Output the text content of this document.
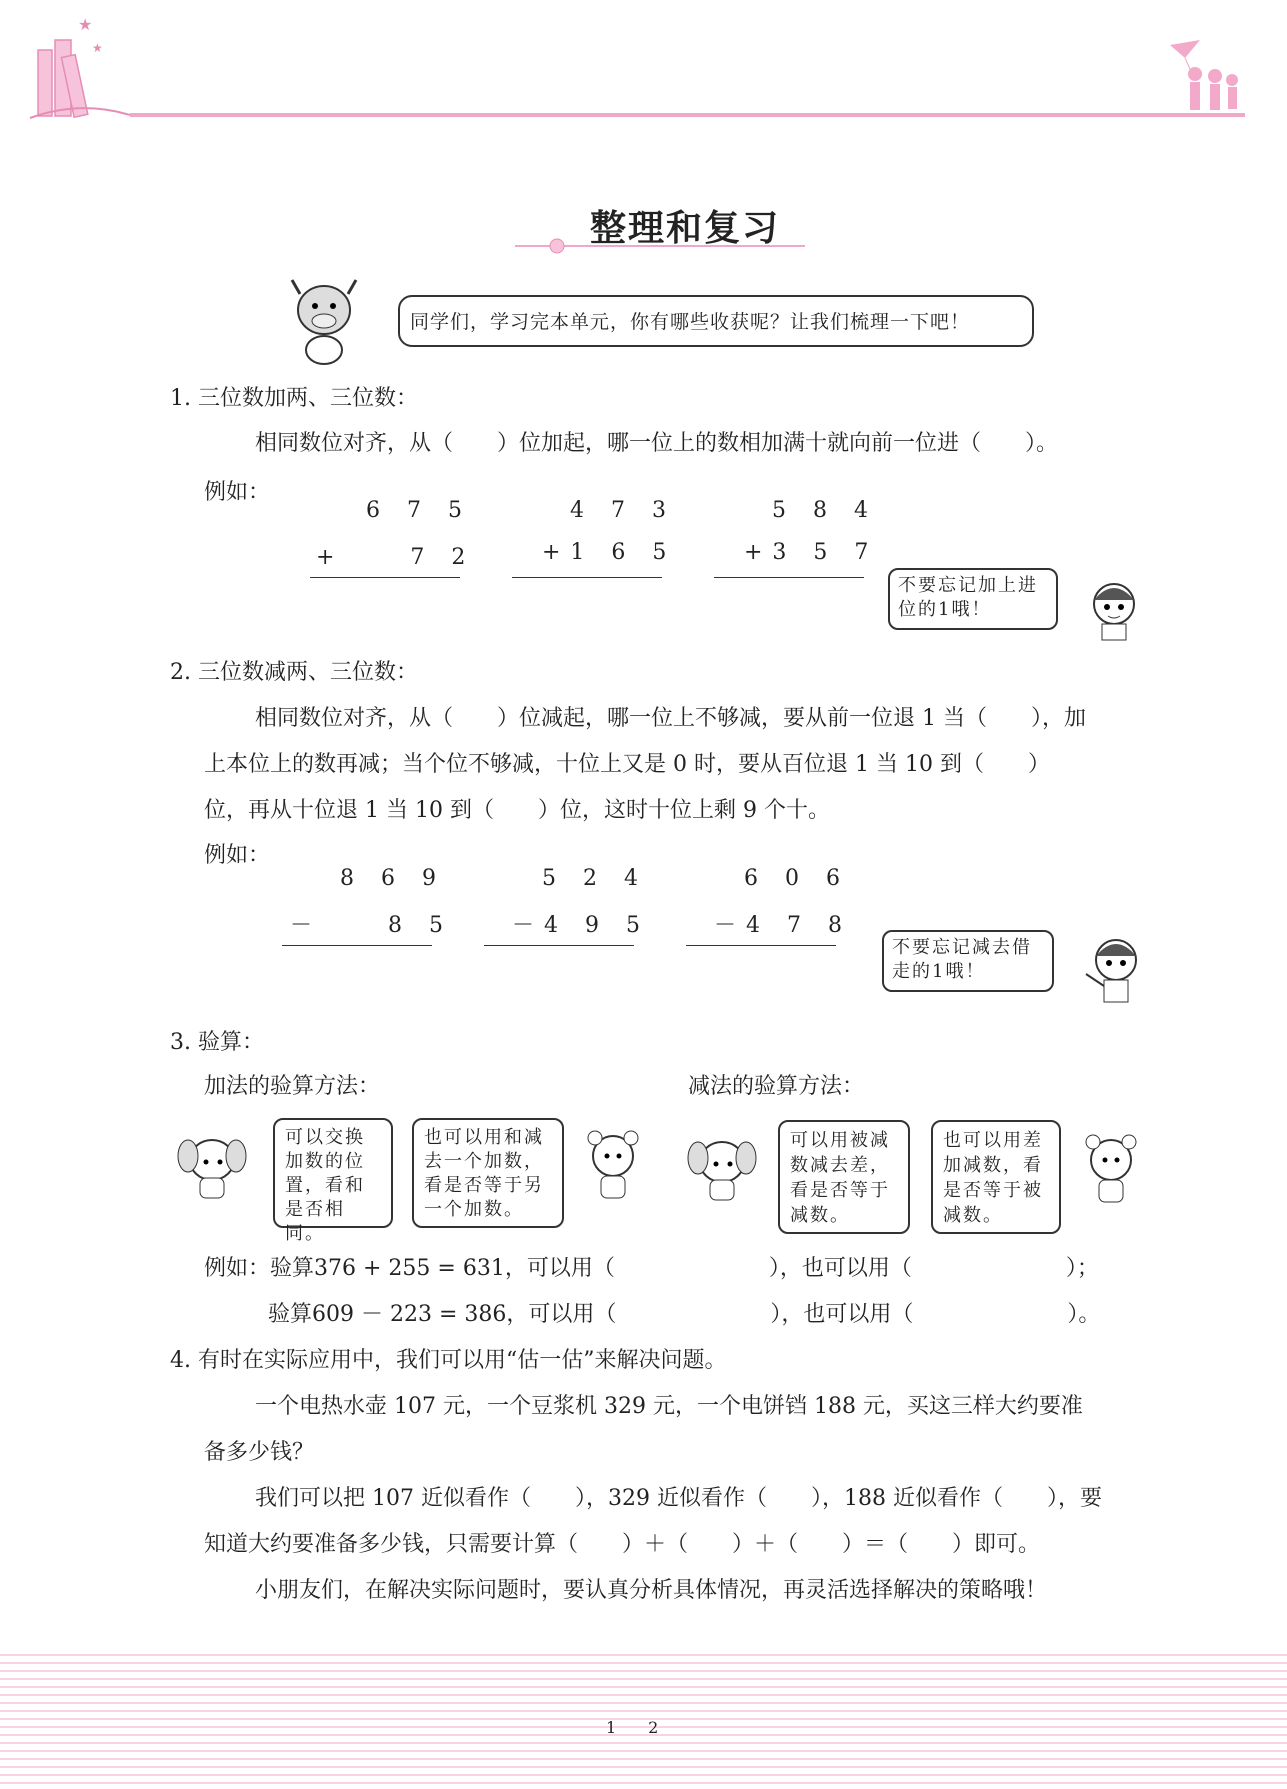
★
★
整理和复习
同学们，学习完本单元，你有哪些收获呢？让我们梳理一下吧！
1. 三位数加两、三位数：
相同数位对齐，从（　　）位加起，哪一位上的数相加满十就向前一位进（　　）。
例如：
6 7 5
+ 　 7 2
4 7 3
+1 6 5
5 8 4
+3 5 7
不要忘记加上进位的1哦！
2. 三位数减两、三位数：
相同数位对齐，从（　　）位减起，哪一位上不够减，要从前一位退 1 当（　　），加
上本位上的数再减；当个位不够减，十位上又是 0 时，要从百位退 1 当 10 到（　　）
位，再从十位退 1 当 10 到（　　）位，这时十位上剩 9 个十。
例如：
8 6 9
－ 　 8 5
5 2 4
－4 9 5
6 0 6
－4 7 8
不要忘记减去借走的1哦！
3. 验算：
加法的验算方法：	减法的验算方法：
可以交换加数的位置，看和是否相同。
也可以用和减去一个加数，看是否等于另一个加数。
可以用被减数减去差，看是否等于减数。
也可以用差加减数，看是否等于被减数。
例如：验算376 + 255 = 631，可以用（　　　　　　　），也可以用（　　　　　　　）；
验算609 － 223 = 386，可以用（　　　　　　　），也可以用（　　　　　　　）。
4. 有时在实际应用中，我们可以用“估一估”来解决问题。
一个电热水壶 107 元，一个豆浆机 329 元，一个电饼铛 188 元，买这三样大约要准
备多少钱？
我们可以把 107 近似看作（　　），329 近似看作（　　），188 近似看作（　　），要
知道大约要准备多少钱，只需要计算（　　）＋（　　）＋（　　）＝（　　）即可。
小朋友们，在解决实际问题时，要认真分析具体情况，再灵活选择解决的策略哦！
1　　2
